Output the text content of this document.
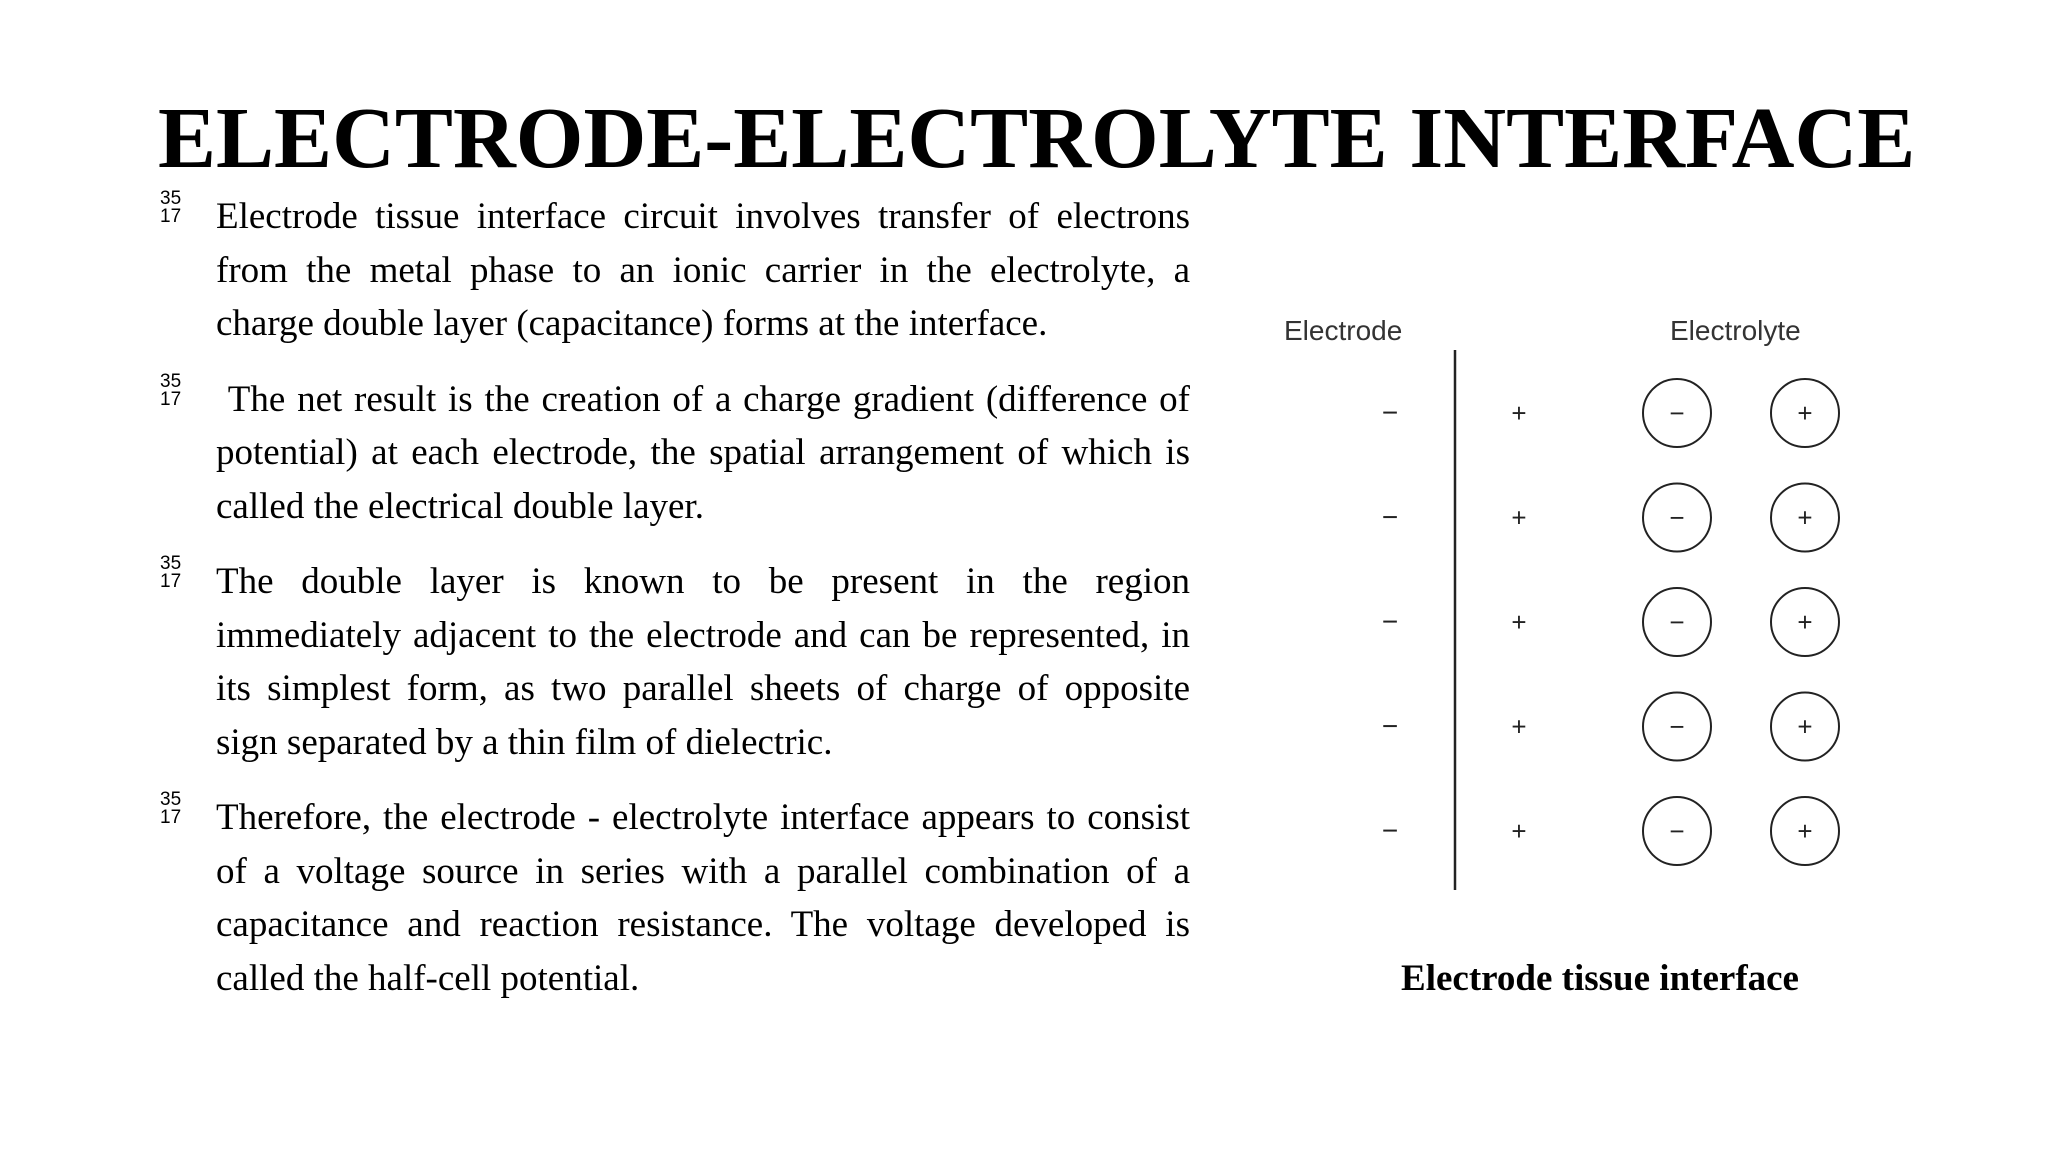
ELECTRODE-ELECTROLYTE INTERFACE
35
17 Electrode tissue interface circuit involves transfer of electrons from the metal phase to an ionic carrier in the electrolyte, a charge double layer (capacitance) forms at the interface.
35
17 The net result is the creation of a charge gradient (difference of potential) at each electrode, the spatial arrangement of which is called the electrical double layer.
35
17 The double layer is known to be present in the region immediately adjacent to the electrode and can be represented, in its simplest form, as two parallel sheets of charge of opposite sign separated by a thin film of dielectric.
35
17 Therefore, the electrode - electrolyte interface appears to consist of a voltage source in series with a parallel combination of a capacitance and reaction resistance. The voltage developed is called the half-cell potential.
Electrode	Electrolyte
−	+	−	+
−	+	−	+
−	+	−	+
−	+	−	+
−	+	−	+
Electrode tissue interface
